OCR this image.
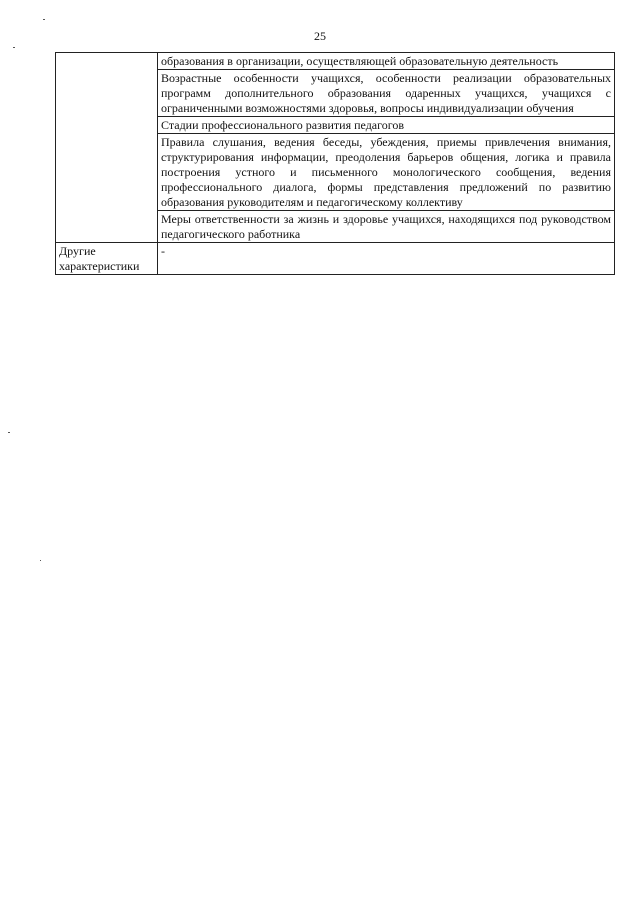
25
	образования в организации, осуществляющей образовательную деятельность
	Возрастные особенности учащихся, особенности реализации образовательных программ дополнительного образования одаренных учащихся, учащихся с ограниченными возможностями здоровья, вопросы индивидуализации обучения
	Стадии профессионального развития педагогов
	Правила слушания, ведения беседы, убеждения, приемы привлечения внимания, структурирования информации, преодоления барьеров общения, логика и правила построения устного и письменного монологического сообщения, ведения профессионального диалога, формы представления предложений по развитию образования руководителям и педагогическому коллективу
	Меры ответственности за жизнь и здоровье учащихся, находящихся под руководством педагогического работника
Другие характеристики	-
